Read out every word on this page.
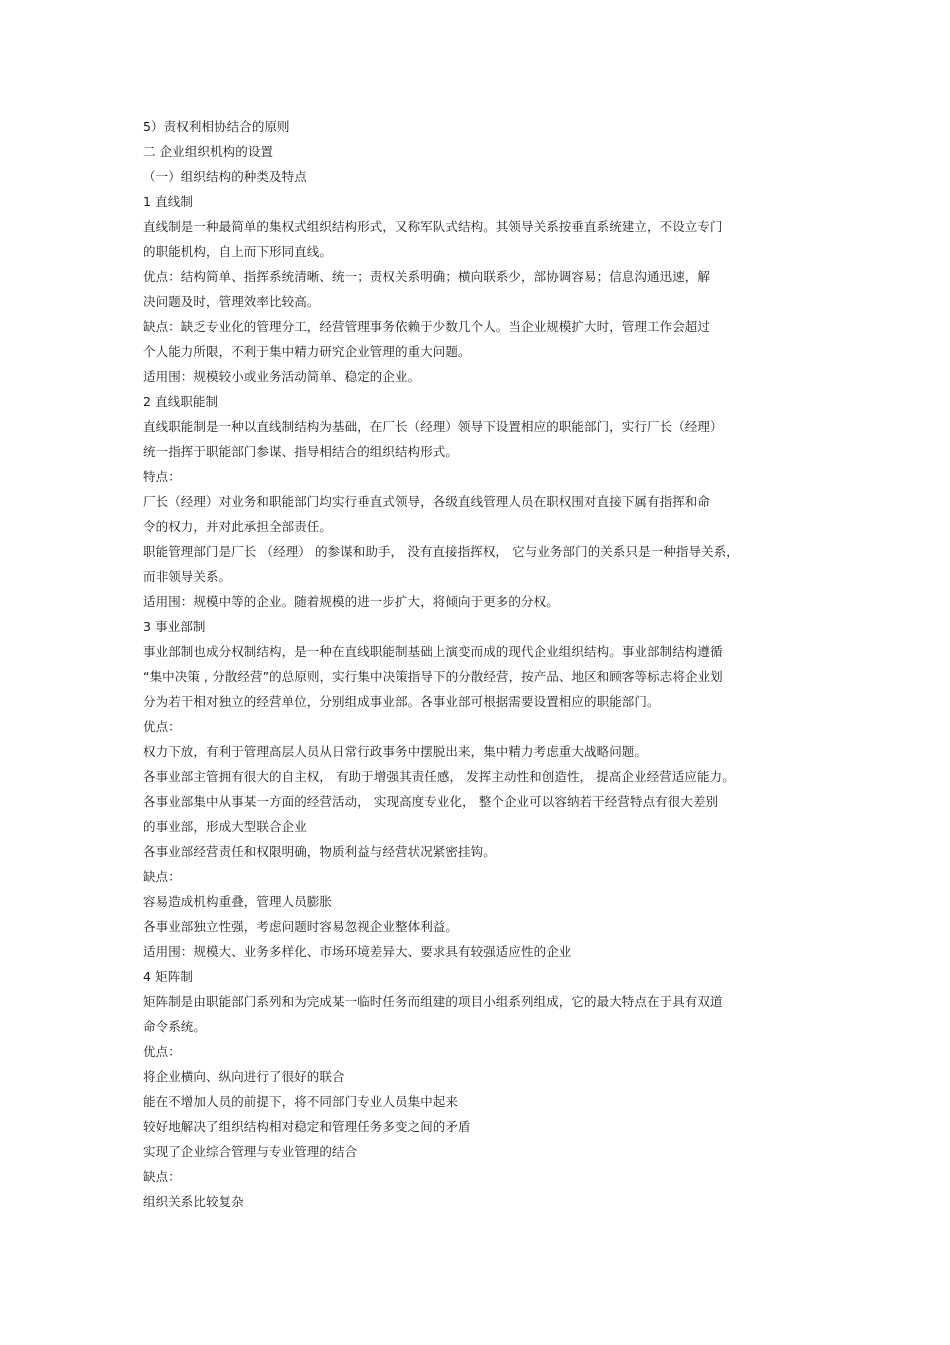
5）责权利相协结合的原则
二 企业组织机构的设置
（一）组织结构的种类及特点
1 直线制
直线制是一种最简单的集权式组织结构形式，又称军队式结构。其领导关系按垂直系统建立，不设立专门
的职能机构，自上而下形同直线。
优点：结构简单、指挥系统清晰、统一；责权关系明确；横向联系少，部协调容易；信息沟通迅速，解
决问题及时，管理效率比较高。
缺点：缺乏专业化的管理分工，经营管理事务依赖于少数几个人。当企业规模扩大时，管理工作会超过
个人能力所限，不利于集中精力研究企业管理的重大问题。
适用围：规模较小或业务活动简单、稳定的企业。
2 直线职能制
直线职能制是一种以直线制结构为基础，在厂长（经理）领导下设置相应的职能部门，实行厂长（经理）
统一指挥于职能部门参谋、指导相结合的组织结构形式。
特点：
厂长（经理）对业务和职能部门均实行垂直式领导，各级直线管理人员在职权围对直接下属有指挥和命
令的权力，并对此承担全部责任。
职能管理部门是厂长 （经理） 的参谋和助手， 没有直接指挥权， 它与业务部门的关系只是一种指导关系，
而非领导关系。
适用围：规模中等的企业。随着规模的进一步扩大，将倾向于更多的分权。
3 事业部制
事业部制也成分权制结构，是一种在直线职能制基础上演变而成的现代企业组织结构。事业部制结构遵循
“集中决策 , 分散经营”的总原则，实行集中决策指导下的分散经营，按产品、地区和顾客等标志将企业划
分为若干相对独立的经营单位，分别组成事业部。各事业部可根据需要设置相应的职能部门。
优点：
权力下放，有利于管理高层人员从日常行政事务中摆脱出来，集中精力考虑重大战略问题。
各事业部主管拥有很大的自主权， 有助于增强其责任感， 发挥主动性和创造性， 提高企业经营适应能力。
各事业部集中从事某一方面的经营活动， 实现高度专业化， 整个企业可以容纳若干经营特点有很大差别
的事业部，形成大型联合企业
各事业部经营责任和权限明确，物质利益与经营状况紧密挂钩。
缺点：
容易造成机构重叠，管理人员膨胀
各事业部独立性强，考虑问题时容易忽视企业整体利益。
适用围：规模大、业务多样化、市场环境差异大、要求具有较强适应性的企业
4 矩阵制
矩阵制是由职能部门系列和为完成某一临时任务而组建的项目小组系列组成，它的最大特点在于具有双道
命令系统。
优点：
将企业横向、纵向进行了很好的联合
能在不增加人员的前提下，将不同部门专业人员集中起来
较好地解决了组织结构相对稳定和管理任务多变之间的矛盾
实现了企业综合管理与专业管理的结合
缺点：
组织关系比较复杂
